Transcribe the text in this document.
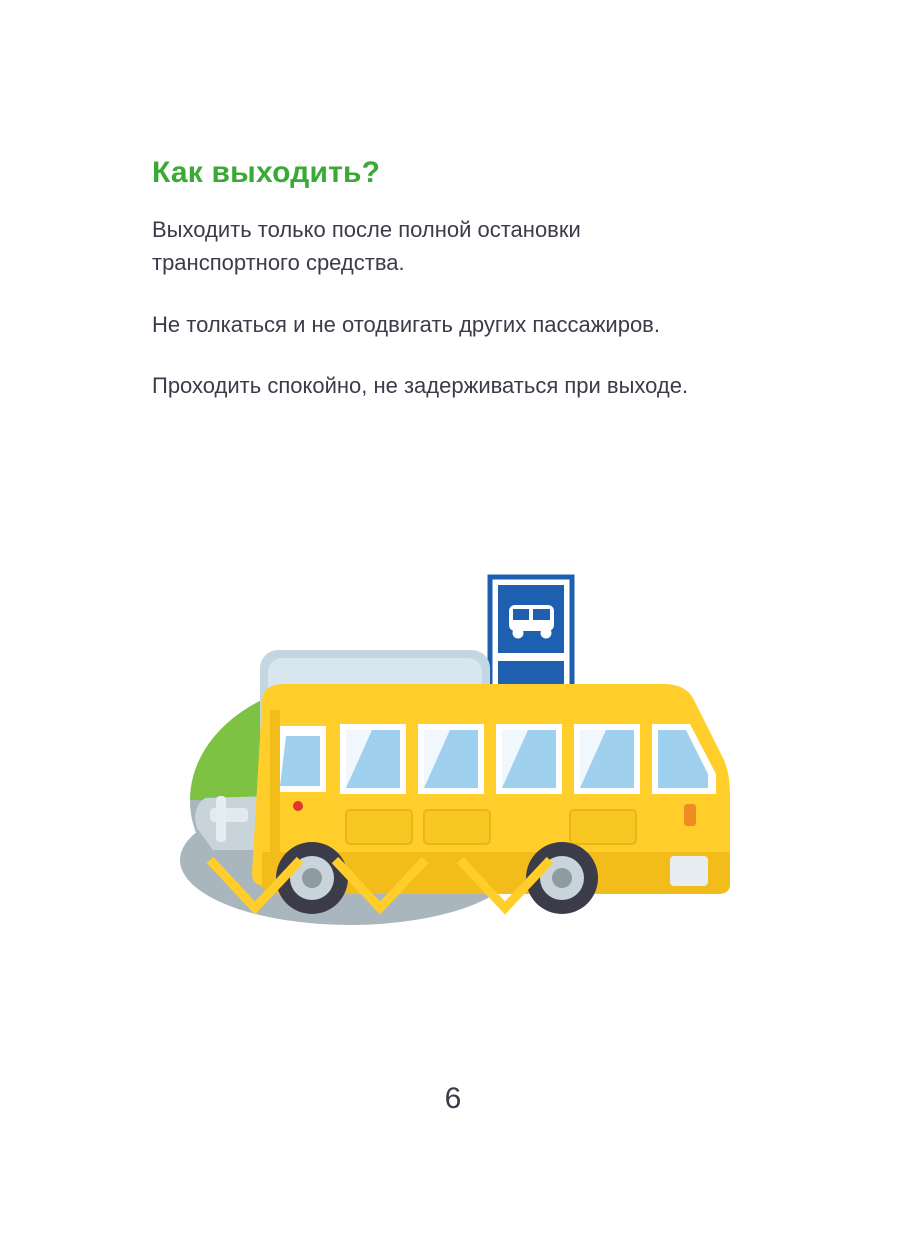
Как выходить?

Выходить только после полной остановки транспортного средства.

Не толкаться и не отодвигать других пассажиров.

Проходить спокойно, не задерживаться при выходе.

6
